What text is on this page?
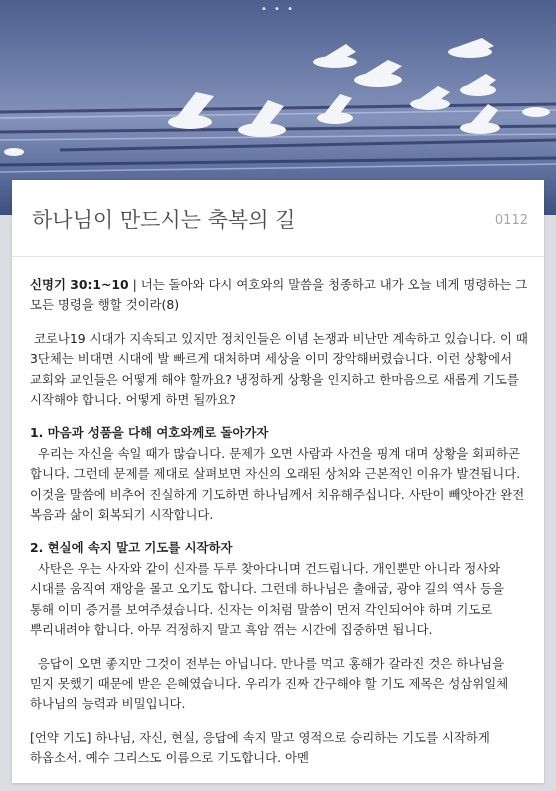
• • •
하나님이 만드시는 축복의 길	0112

신명기 30:1~10 | 너는 돌아와 다시 여호와의 말씀을 청종하고 내가 오늘 네게 명령하는 그 모든 명령을 행할 것이라(8)

코로나19 시대가 지속되고 있지만 정치인들은 이념 논쟁과 비난만 계속하고 있습니다. 이 때 3단체는 비대면 시대에 발 빠르게 대처하며 세상을 이미 장악해버렸습니다. 이런 상황에서 교회와 교인들은 어떻게 해야 할까요? 냉정하게 상황을 인지하고 한마음으로 새롭게 기도를 시작해야 합니다. 어떻게 하면 될까요?

1. 마음과 성품을 다해 여호와께로 돌아가자

우리는 자신을 속일 때가 많습니다. 문제가 오면 사람과 사건을 핑계 대며 상황을 회피하곤 합니다. 그런데 문제를 제대로 살펴보면 자신의 오래된 상처와 근본적인 이유가 발견됩니다. 이것을 말씀에 비추어 진실하게 기도하면 하나님께서 치유해주십니다. 사탄이 빼앗아간 완전 복음과 삶이 회복되기 시작합니다.

2. 현실에 속지 말고 기도를 시작하자

사탄은 우는 사자와 같이 신자를 두루 찾아다니며 건드립니다. 개인뿐만 아니라 정사와 시대를 움직여 재앙을 몰고 오기도 합니다. 그런데 하나님은 출애굽, 광야 길의 역사 등을 통해 이미 증거를 보여주셨습니다. 신자는 이처럼 말씀이 먼저 각인되어야 하며 기도로 뿌리내려야 합니다. 아무 걱정하지 말고 흑암 꺾는 시간에 집중하면 됩니다.

응답이 오면 좋지만 그것이 전부는 아닙니다. 만나를 먹고 홍해가 갈라진 것은 하나님을 믿지 못했기 때문에 받은 은혜였습니다. 우리가 진짜 간구해야 할 기도 제목은 성삼위일체 하나님의 능력과 비밀입니다.

[언약 기도] 하나님, 자신, 현실, 응답에 속지 말고 영적으로 승리하는 기도를 시작하게 하옵소서. 예수 그리스도 이름으로 기도합니다. 아멘
